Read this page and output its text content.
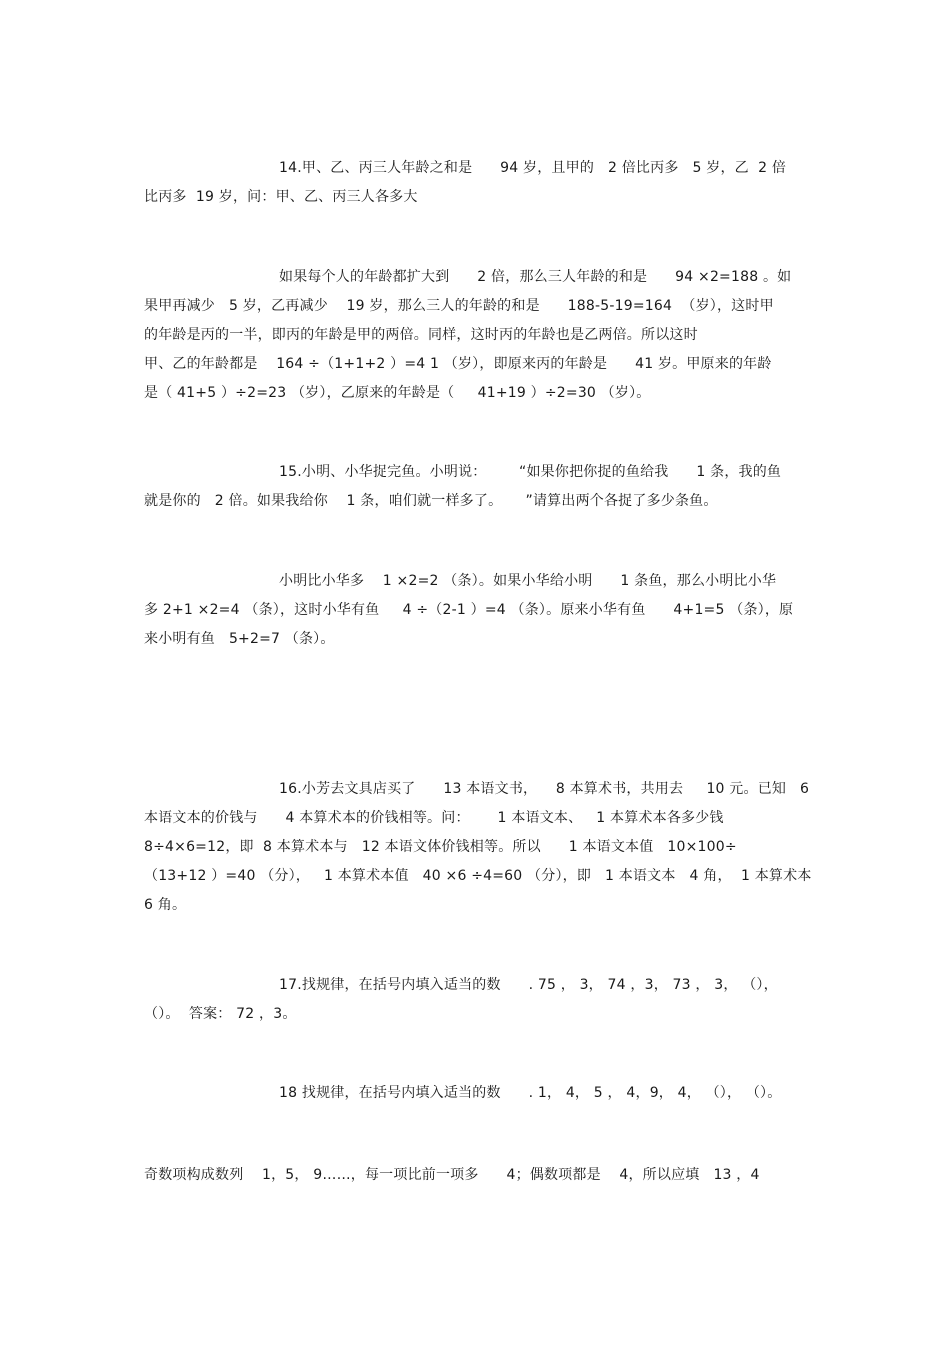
14.甲、乙、丙三人年龄之和是      94 岁，且甲的   2 倍比丙多   5 岁，乙  2 倍
比丙多  19 岁，问：甲、乙、丙三人各多大
如果每个人的年龄都扩大到      2 倍，那么三人年龄的和是      94 ×2=188 。如
果甲再减少   5 岁，乙再减少    19 岁，那么三人的年龄的和是      188-5-19=164  （岁），这时甲
的年龄是丙的一半，即丙的年龄是甲的两倍。同样，这时丙的年龄也是乙两倍。所以这时
甲、乙的年龄都是    164 ÷（1+1+2 ）=4 1 （岁），即原来丙的年龄是      41 岁。甲原来的年龄
是（ 41+5 ）÷2=23 （岁），乙原来的年龄是（     41+19 ）÷2=30 （岁）。
15.小明、小华捉完鱼。小明说：       “如果你把你捉的鱼给我      1 条，我的鱼
就是你的   2 倍。如果我给你    1 条，咱们就一样多了。     ”请算出两个各捉了多少条鱼。
小明比小华多    1 ×2=2 （条）。如果小华给小明      1 条鱼，那么小明比小华
多 2+1 ×2=4 （条），这时小华有鱼     4 ÷（2-1 ）=4 （条）。原来小华有鱼      4+1=5 （条），原
来小明有鱼   5+2=7 （条）。
16.小芳去文具店买了      13 本语文书，    8 本算术书，共用去     10 元。已知   6
本语文本的价钱与      4 本算术本的价钱相等。问：      1 本语文本、   1 本算术本各多少钱
8÷4×6=12，即  8 本算术本与   12 本语文体价钱相等。所以      1 本语文本值   10×100÷
（13+12 ）=40 （分），   1 本算术本值   40 ×6 ÷4=60 （分），即   1 本语文本   4 角，  1 本算术本
6 角。
17.找规律，在括号内填入适当的数      . 75 ， 3， 74 ，3， 73 ， 3， （），
（）。  答案： 72 ，3。
18 找规律，在括号内填入适当的数      . 1， 4， 5 ， 4，9， 4， （）， （）。
奇数项构成数列    1，5， 9……，每一项比前一项多      4；偶数项都是    4，所以应填   13 ，4
